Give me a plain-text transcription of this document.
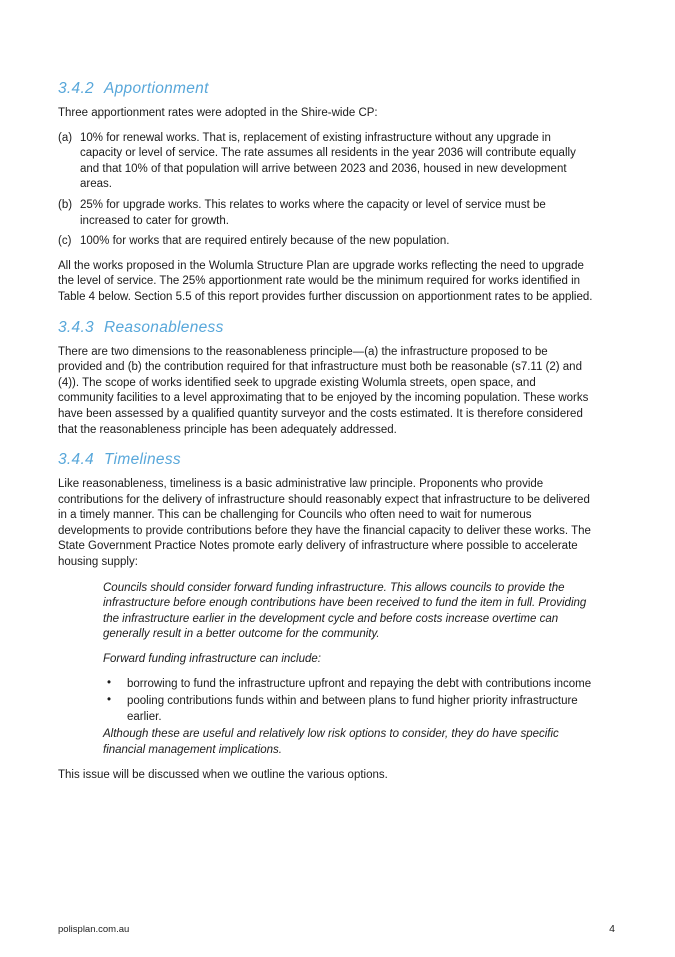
3.4.2 Apportionment

Three apportionment rates were adopted in the Shire-wide CP:

(a) 10% for renewal works. That is, replacement of existing infrastructure without any upgrade in capacity or level of service. The rate assumes all residents in the year 2036 will contribute equally and that 10% of that population will arrive between 2023 and 2036, housed in new development areas.
(b) 25% for upgrade works. This relates to works where the capacity or level of service must be increased to cater for growth.
(c) 100% for works that are required entirely because of the new population.

All the works proposed in the Wolumla Structure Plan are upgrade works reflecting the need to upgrade the level of service. The 25% apportionment rate would be the minimum required for works identified in Table 4 below. Section 5.5 of this report provides further discussion on apportionment rates to be applied.

3.4.3 Reasonableness

There are two dimensions to the reasonableness principle—(a) the infrastructure proposed to be provided and (b) the contribution required for that infrastructure must both be reasonable (s7.11 (2) and (4)). The scope of works identified seek to upgrade existing Wolumla streets, open space, and community facilities to a level approximating that to be enjoyed by the incoming population. These works have been assessed by a qualified quantity surveyor and the costs estimated. It is therefore considered that the reasonableness principle has been adequately addressed.

3.4.4 Timeliness

Like reasonableness, timeliness is a basic administrative law principle. Proponents who provide contributions for the delivery of infrastructure should reasonably expect that infrastructure to be delivered in a timely manner. This can be challenging for Councils who often need to wait for numerous developments to provide contributions before they have the financial capacity to deliver these works. The State Government Practice Notes promote early delivery of infrastructure where possible to accelerate housing supply:

Councils should consider forward funding infrastructure. This allows councils to provide the infrastructure before enough contributions have been received to fund the item in full. Providing the infrastructure earlier in the development cycle and before costs increase overtime can generally result in a better outcome for the community.

Forward funding infrastructure can include:

• borrowing to fund the infrastructure upfront and repaying the debt with contributions income
• pooling contributions funds within and between plans to fund higher priority infrastructure earlier.

Although these are useful and relatively low risk options to consider, they do have specific financial management implications.

This issue will be discussed when we outline the various options.

polisplan.com.au	4
